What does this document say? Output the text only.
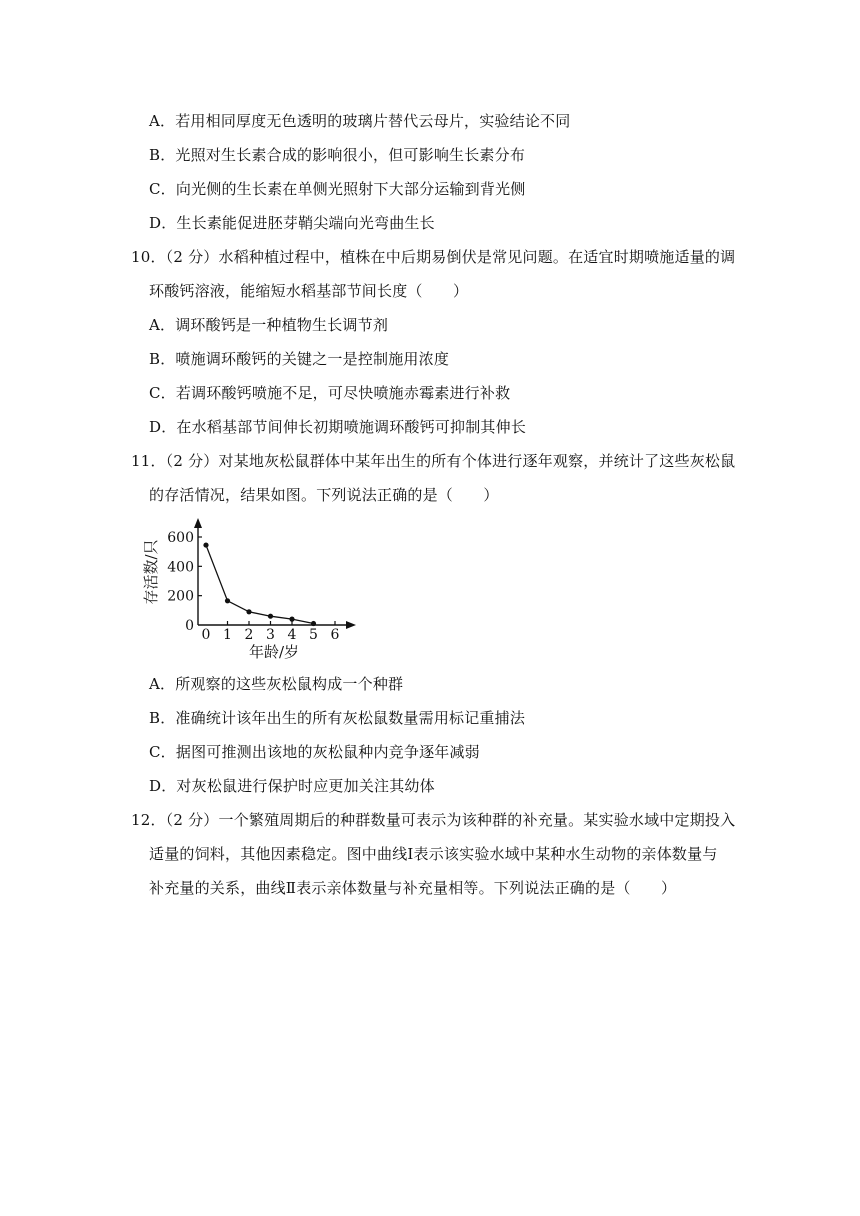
A．若用相同厚度无色透明的玻璃片替代云母片，实验结论不同
B．光照对生长素合成的影响很小，但可影响生长素分布
C．向光侧的生长素在单侧光照射下大部分运输到背光侧
D．生长素能促进胚芽鞘尖端向光弯曲生长
10．（2 分）水稻种植过程中，植株在中后期易倒伏是常见问题。在适宜时期喷施适量的调
环酸钙溶液，能缩短水稻基部节间长度（　　）
A．调环酸钙是一种植物生长调节剂
B．喷施调环酸钙的关键之一是控制施用浓度
C．若调环酸钙喷施不足，可尽快喷施赤霉素进行补救
D．在水稻基部节间伸长初期喷施调环酸钙可抑制其伸长
11．（2 分）对某地灰松鼠群体中某年出生的所有个体进行逐年观察，并统计了这些灰松鼠
的存活情况，结果如图。下列说法正确的是（　　）
0
200
400
600
0 1 2 3 4 5 6
存活数/只
年龄/岁
A．所观察的这些灰松鼠构成一个种群
B．准确统计该年出生的所有灰松鼠数量需用标记重捕法
C．据图可推测出该地的灰松鼠种内竞争逐年减弱
D．对灰松鼠进行保护时应更加关注其幼体
12．（2 分）一个繁殖周期后的种群数量可表示为该种群的补充量。某实验水域中定期投入
适量的饲料，其他因素稳定。图中曲线Ⅰ表示该实验水域中某种水生动物的亲体数量与
补充量的关系，曲线Ⅱ表示亲体数量与补充量相等。下列说法正确的是（　　）
